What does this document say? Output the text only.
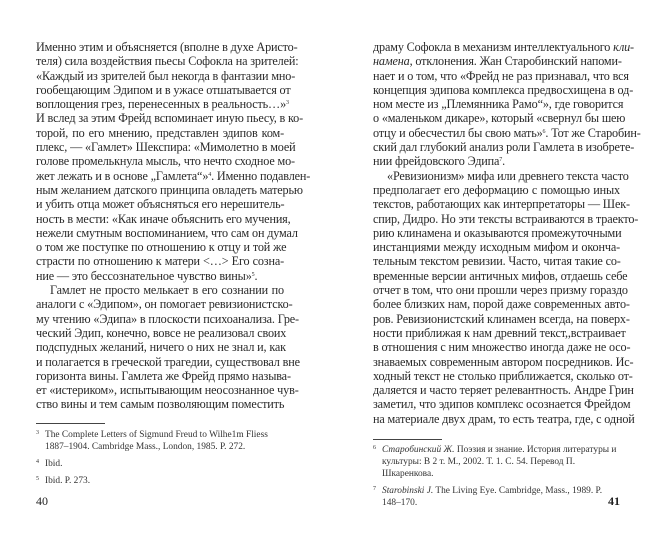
Именно этим и объясняется (вполне в духе Аристо-
теля) сила воздействия пьесы Софокла на зрителей:
«Каждый из зрителей был некогда в фантазии мно-
гообещающим Эдипом и в ужасе отшатывается от
воплощения грез, перенесенных в реальность…»$^3$
И вслед за этим Фрейд вспоминает иную пьесу, в ко-
торой, по его мнению, представлен эдипов ком-
плекс, — «Гамлет» Шекспира: «Мимолетно в моей
голове промелькнула мысль, что нечто сходное мо-
жет лежать и в основе „Гамлета“»$^4$. Именно подавлен-
ным желанием датского принципа овладеть матерью
и убить отца может объясняться его нерешитель-
ность в мести: «Как иначе объяснить его мучения,
нежели смутным воспоминанием, что сам он думал
о том же поступке по отношению к отцу и той же
страсти по отношению к матери <…> Его созна-
ние — это бессознательное чувство вины»$^5$.
Гамлет не просто мелькает в его сознании по
аналоги с «Эдипом», он помогает ревизионистско-
му чтению «Эдипа» в плоскости психоанализа. Гре-
ческий Эдип, конечно, вовсе не реализовал своих
подспудных желаний, ничего о них не знал и, как
и полагается в греческой трагедии, существовал вне
горизонта вины. Гамлета же Фрейд прямо называ-
ет «истериком», испытывающим неосознанное чув-
ство вины и тем самым позволяющим поместить
3 The Complete Letters of Sigmund Freud to Wilhe1m Fliess 1887–1904. Cambridge Mass., London, 1985. P. 272.
4 Ibid.
5 Ibid. P. 273.
40
драму Софокла в механизм интеллектуального кли-
намена, отклонения. Жан Старобинский напоми-
нает и о том, что «Фрейд не раз признавал, что вся
концепция эдипова комплекса предвосхищена в од-
ном месте из „Племянника Рамо“», где говорится
о «маленьком дикаре», который «свернул бы шею
отцу и обесчестил бы свою мать»$^6$. Тот же Старобин-
ский дал глубокий анализ роли Гамлета в изобрете-
нии фрейдовского Эдипа$^7$.
«Ревизионизм» мифа или древнего текста часто
предполагает его деформацию с помощью иных
текстов, работающих как интерпретаторы — Шек-
спир, Дидро. Но эти тексты встраиваются в траекто-
рию клинамена и оказываются промежуточными
инстанциями между исходным мифом и оконча-
тельным текстом ревизии. Часто, читая такие со-
временные версии античных мифов, отдаешь себе
отчет в том, что они прошли через призму гораздо
более близких нам, порой даже современных авто-
ров. Ревизионистский клинамен всегда, на поверх-
ности приближая к нам древний текст,,встраивает
в отношения с ним множество иногда даже не осо-
знаваемых современным автором посредников. Ис-
ходный текст не столько приближается, сколько от-
даляется и часто теряет релевантность. Андре Грин
заметил, что эдипов комплекс осознается Фрейдом
на материале двух драм, то есть театра, где, с одной
6 Старобинский Ж. Поэзия и знание. История литературы и культуры: В 2 т. М., 2002. Т. 1. С. 54. Перевод П. Шкаренкова.
7 Starobinski J. The Living Eye. Cambridge, Mass., 1989. P. 148–170.	41
